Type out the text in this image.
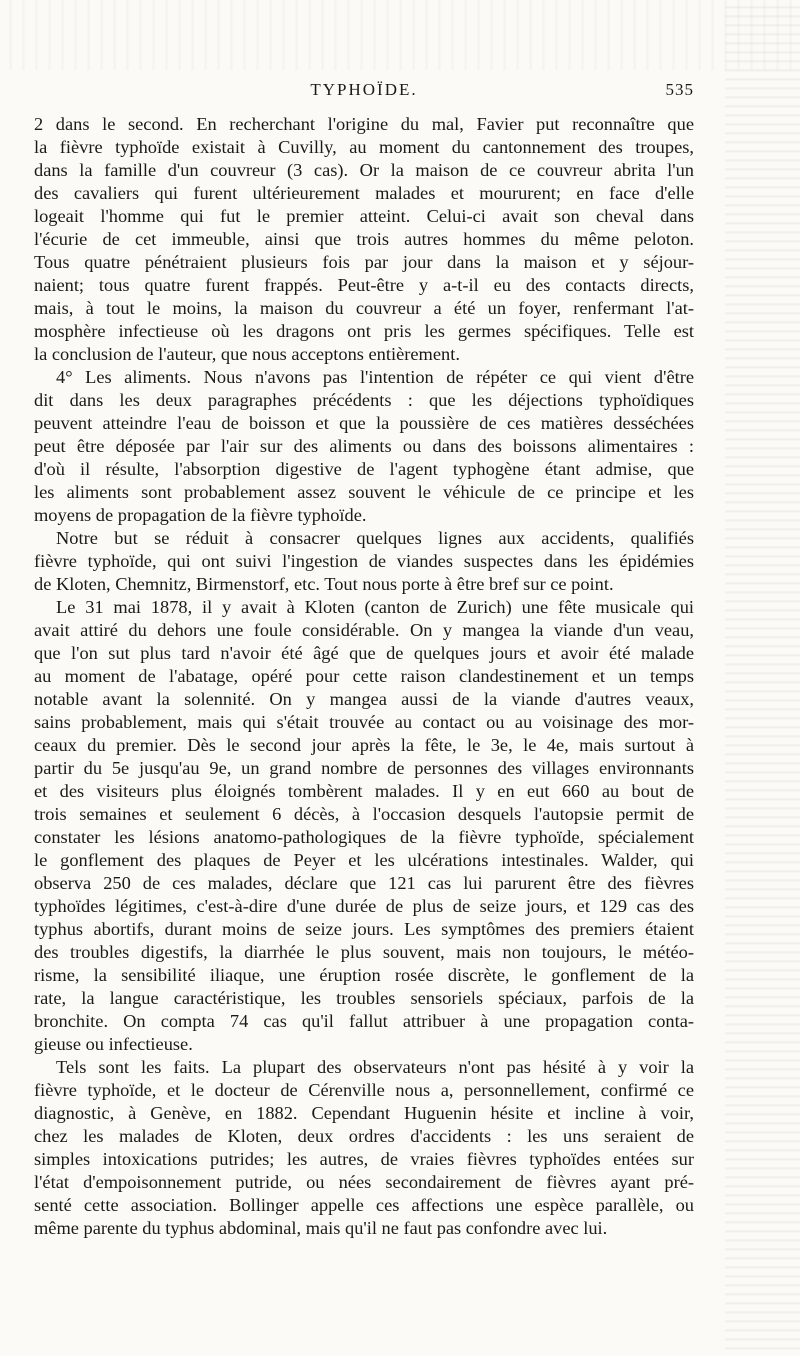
TYPHOÏDE.	535

2 dans le second. En recherchant l'origine du mal, Favier put reconnaître que
la fièvre typhoïde existait à Cuvilly, au moment du cantonnement des troupes,
dans la famille d'un couvreur (3 cas). Or la maison de ce couvreur abrita l'un
des cavaliers qui furent ultérieurement malades et moururent; en face d'elle
logeait l'homme qui fut le premier atteint. Celui-ci avait son cheval dans
l'écurie de cet immeuble, ainsi que trois autres hommes du même peloton.
Tous quatre pénétraient plusieurs fois par jour dans la maison et y séjour-
naient; tous quatre furent frappés. Peut-être y a-t-il eu des contacts directs,
mais, à tout le moins, la maison du couvreur a été un foyer, renfermant l'at-
mosphère infectieuse où les dragons ont pris les germes spécifiques. Telle est
la conclusion de l'auteur, que nous acceptons entièrement.

4° Les aliments. Nous n'avons pas l'intention de répéter ce qui vient d'être
dit dans les deux paragraphes précédents : que les déjections typhoïdiques
peuvent atteindre l'eau de boisson et que la poussière de ces matières desséchées
peut être déposée par l'air sur des aliments ou dans des boissons alimentaires :
d'où il résulte, l'absorption digestive de l'agent typhogène étant admise, que
les aliments sont probablement assez souvent le véhicule de ce principe et les
moyens de propagation de la fièvre typhoïde.

Notre but se réduit à consacrer quelques lignes aux accidents, qualifiés
fièvre typhoïde, qui ont suivi l'ingestion de viandes suspectes dans les épidémies
de Kloten, Chemnitz, Birmenstorf, etc. Tout nous porte à être bref sur ce point.

Le 31 mai 1878, il y avait à Kloten (canton de Zurich) une fête musicale qui
avait attiré du dehors une foule considérable. On y mangea la viande d'un veau,
que l'on sut plus tard n'avoir été âgé que de quelques jours et avoir été malade
au moment de l'abatage, opéré pour cette raison clandestinement et un temps
notable avant la solennité. On y mangea aussi de la viande d'autres veaux,
sains probablement, mais qui s'était trouvée au contact ou au voisinage des mor-
ceaux du premier. Dès le second jour après la fête, le 3e, le 4e, mais surtout à
partir du 5e jusqu'au 9e, un grand nombre de personnes des villages environnants
et des visiteurs plus éloignés tombèrent malades. Il y en eut 660 au bout de
trois semaines et seulement 6 décès, à l'occasion desquels l'autopsie permit de
constater les lésions anatomo-pathologiques de la fièvre typhoïde, spécialement
le gonflement des plaques de Peyer et les ulcérations intestinales. Walder, qui
observa 250 de ces malades, déclare que 121 cas lui parurent être des fièvres
typhoïdes légitimes, c'est-à-dire d'une durée de plus de seize jours, et 129 cas des
typhus abortifs, durant moins de seize jours. Les symptômes des premiers étaient
des troubles digestifs, la diarrhée le plus souvent, mais non toujours, le météo-
risme, la sensibilité iliaque, une éruption rosée discrète, le gonflement de la
rate, la langue caractéristique, les troubles sensoriels spéciaux, parfois de la
bronchite. On compta 74 cas qu'il fallut attribuer à une propagation conta-
gieuse ou infectieuse.

Tels sont les faits. La plupart des observateurs n'ont pas hésité à y voir la
fièvre typhoïde, et le docteur de Cérenville nous a, personnellement, confirmé ce
diagnostic, à Genève, en 1882. Cependant Huguenin hésite et incline à voir,
chez les malades de Kloten, deux ordres d'accidents : les uns seraient de
simples intoxications putrides; les autres, de vraies fièvres typhoïdes entées sur
l'état d'empoisonnement putride, ou nées secondairement de fièvres ayant pré-
senté cette association. Bollinger appelle ces affections une espèce parallèle, ou
même parente du typhus abdominal, mais qu'il ne faut pas confondre avec lui.
